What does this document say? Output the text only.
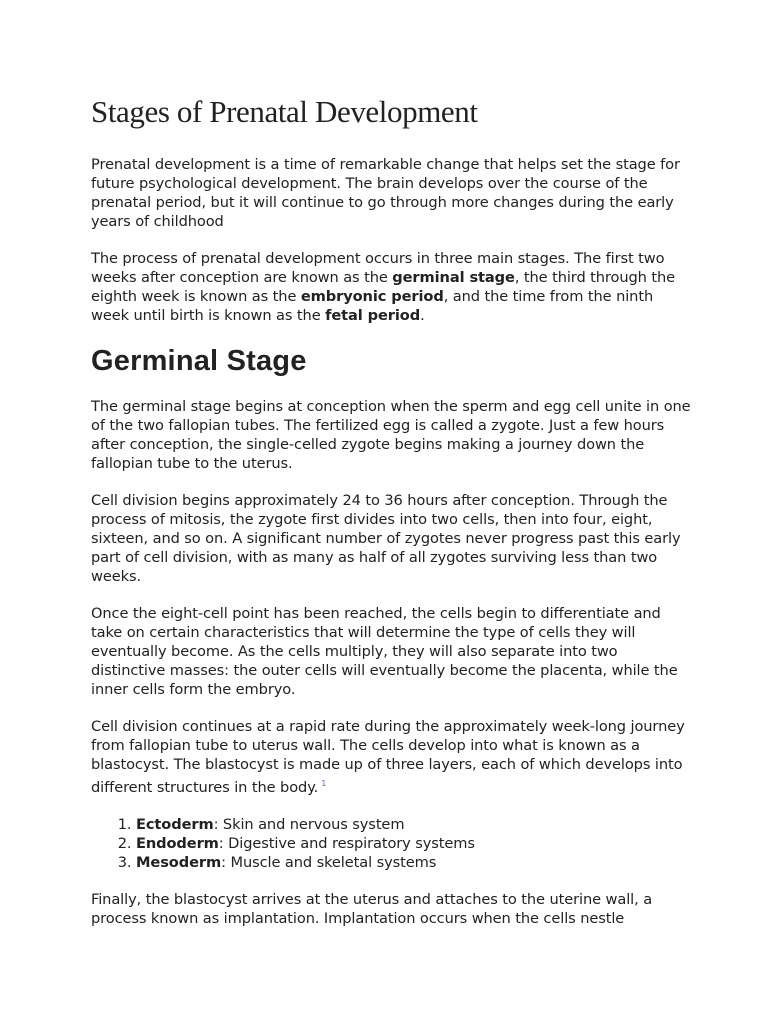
Stages of Prenatal Development

Prenatal development is a time of remarkable change that helps set the stage for future psychological development. The brain develops over the course of the prenatal period, but it will continue to go through more changes during the early years of childhood

The process of prenatal development occurs in three main stages. The first two weeks after conception are known as the germinal stage, the third through the eighth week is known as the embryonic period, and the time from the ninth week until birth is known as the fetal period.

Germinal Stage

The germinal stage begins at conception when the sperm and egg cell unite in one of the two fallopian tubes. The fertilized egg is called a zygote. Just a few hours after conception, the single-celled zygote begins making a journey down the fallopian tube to the uterus.

Cell division begins approximately 24 to 36 hours after conception. Through the process of mitosis, the zygote first divides into two cells, then into four, eight, sixteen, and so on. A significant number of zygotes never progress past this early part of cell division, with as many as half of all zygotes surviving less than two weeks.

Once the eight-cell point has been reached, the cells begin to differentiate and take on certain characteristics that will determine the type of cells they will eventually become. As the cells multiply, they will also separate into two distinctive masses: the outer cells will eventually become the placenta, while the inner cells form the embryo.

Cell division continues at a rapid rate during the approximately week-long journey from fallopian tube to uterus wall. The cells develop into what is known as a blastocyst. The blastocyst is made up of three layers, each of which develops into different structures in the body. $^1$

1. Ectoderm: Skin and nervous system
2. Endoderm: Digestive and respiratory systems
3. Mesoderm: Muscle and skeletal systems

Finally, the blastocyst arrives at the uterus and attaches to the uterine wall, a process known as implantation. Implantation occurs when the cells nestle
